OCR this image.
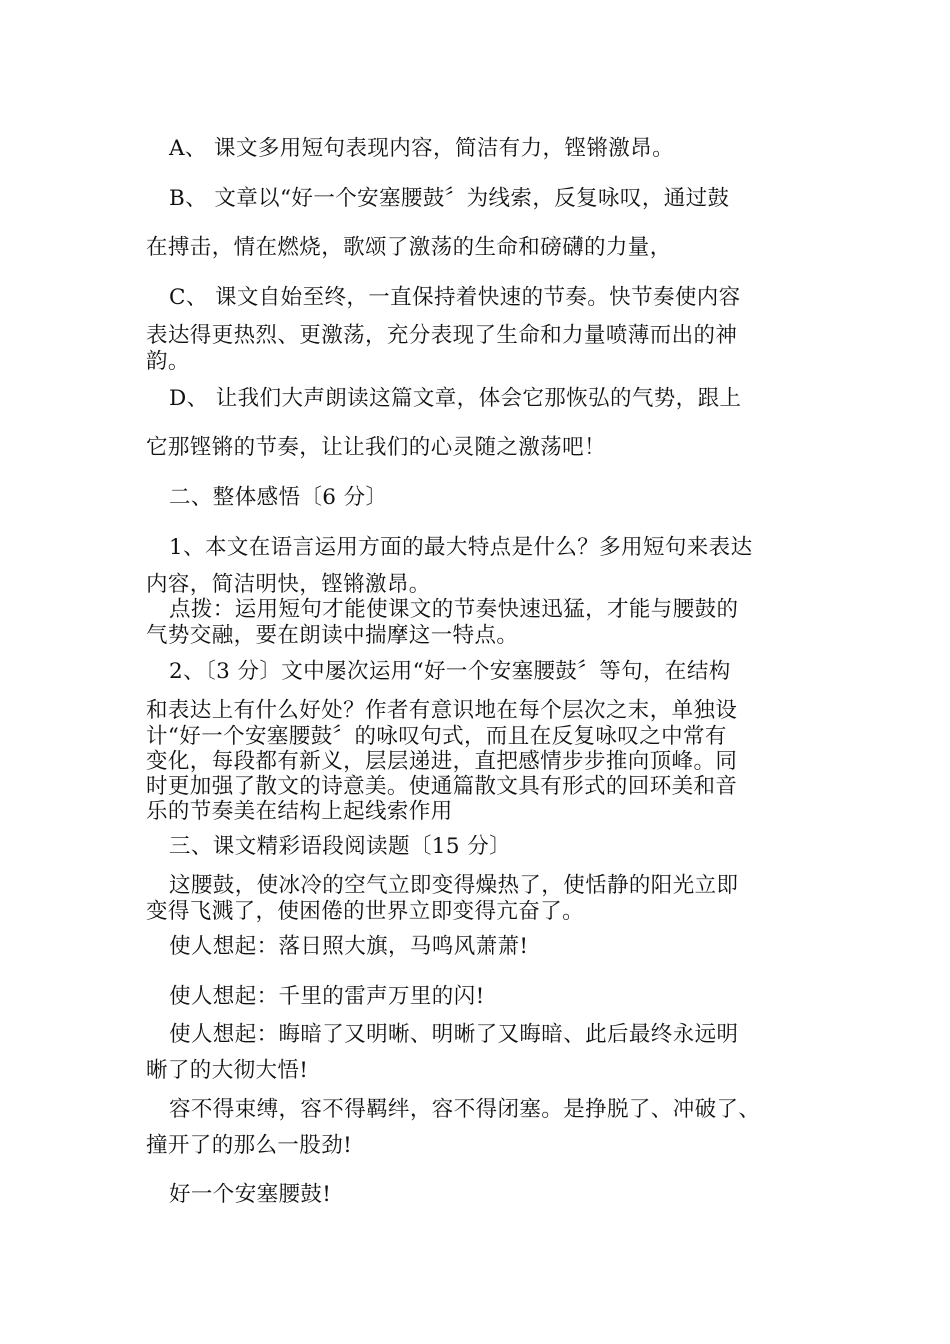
A、 课文多用短句表现内容，简洁有力，铿锵激昂。

B、 文章以“好一个安塞腰鼓〞为线索，反复咏叹，通过鼓

在搏击，情在燃烧，歌颂了激荡的生命和磅礴的力量，

C、 课文自始至终，一直保持着快速的节奏。快节奏使内容

表达得更热烈、更激荡，充分表现了生命和力量喷薄而出的神

韵。

D、 让我们大声朗读这篇文章，体会它那恢弘的气势，跟上

它那铿锵的节奏，让让我们的心灵随之激荡吧！

二、整体感悟〔6 分〕

1、本文在语言运用方面的最大特点是什么？多用短句来表达

内容，简洁明快，铿锵激昂。

点拨：运用短句才能使课文的节奏快速迅猛，才能与腰鼓的

气势交融，要在朗读中揣摩这一特点。

2、〔3 分〕文中屡次运用“好一个安塞腰鼓〞等句，在结构

和表达上有什么好处？作者有意识地在每个层次之末，单独设

计“好一个安塞腰鼓〞的咏叹句式，而且在反复咏叹之中常有

变化，每段都有新义，层层递进，直把感情步步推向顶峰。同

时更加强了散文的诗意美。使通篇散文具有形式的回环美和音

乐的节奏美在结构上起线索作用

三、课文精彩语段阅读题〔15 分〕

这腰鼓，使冰冷的空气立即变得燥热了，使恬静的阳光立即

变得飞溅了，使困倦的世界立即变得亢奋了。

使人想起：落日照大旗，马鸣风萧萧!

使人想起：千里的雷声万里的闪!

使人想起：晦暗了又明晰、明晰了又晦暗、此后最终永远明

晰了的大彻大悟!

容不得束缚，容不得羁绊，容不得闭塞。是挣脱了、冲破了、

撞开了的那么一股劲!

好一个安塞腰鼓!
